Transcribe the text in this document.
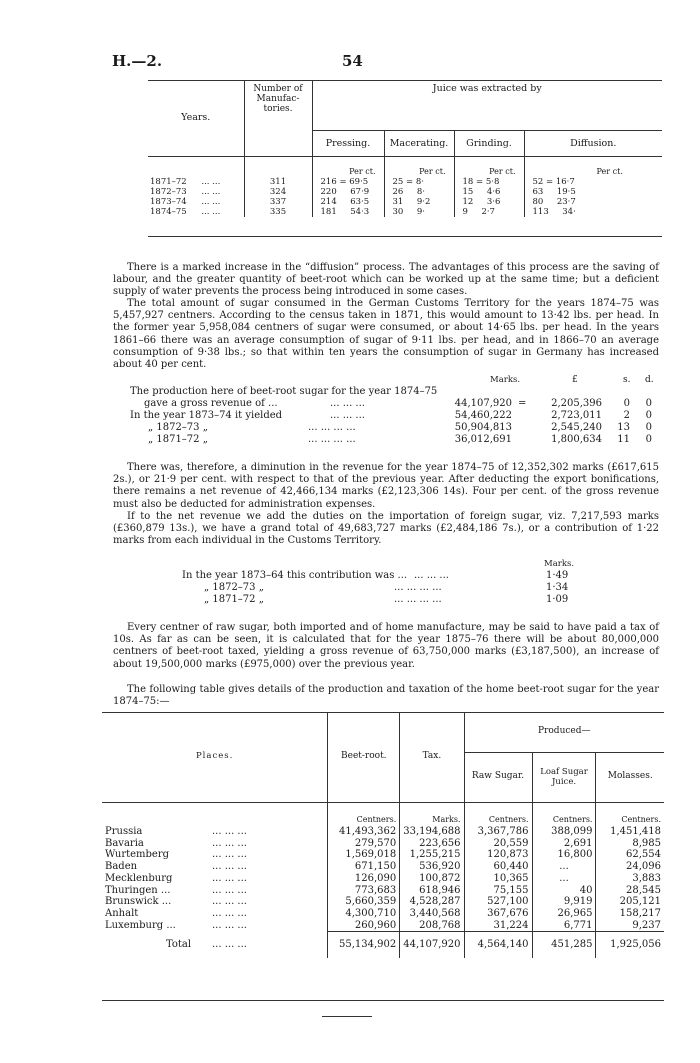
H.—2.	54
Years.	Number of Manufac- tories.	Juice was extracted by			
		Pressing.	Macerating.	Grinding.	Diffusion.
		Per ct.	Per ct.	Per ct.	Per ct.
1871–72 ... ...	311	216 = 69·5	25 = 8·	18 = 5·8	52 = 16·7
1872–73 ... ...	324	220 67·9	26 8·	15 4·6	63 19·5
1873–74 ... ...	337	214 63·5	31 9·2	12 3·6	80 23·7
1874–75 ... ...	335	181 54·3	30 9·	9 2·7	113 34·

There is a marked increase in the “diffusion” process. The advantages of this process are the saving of labour, and the greater quantity of beet-root which can be worked up at the same time; but a deficient supply of water prevents the process being introduced in some cases.

The total amount of sugar consumed in the German Customs Territory for the years 1874–75 was 5,457,927 centners. According to the census taken in 1871, this would amount to 13·42 lbs. per head. In the former year 5,958,084 centners of sugar were consumed, or about 14·65 lbs. per head. In the years 1861–66 there was an average consumption of sugar of 9·11 lbs. per head, and in 1866–70 an average consumption of 9·38 lbs.; so that within ten years the consumption of sugar in Germany has increased about 40 per cent.

Marks.	£	s. d.
The production here of beet-root sugar for the year 1874–75
gave a gross revenue of ...	... ... ...	44,107,920 =	2,205,396	0	0
In the year 1873–74 it yielded	... ... ...	54,460,222	2,723,011	2	0
„ 1872–73 „	... ... ... ...	50,904,813	2,545,240	13	0
„ 1871–72 „	... ... ... ...	36,012,691	1,800,634	11	0

There was, therefore, a diminution in the revenue for the year 1874–75 of 12,352,302 marks (£617,615 2s.), or 21·9 per cent. with respect to that of the previous year. After deducting the export bonifications, there remains a net revenue of 42,466,134 marks (£2,123,306 14s). Four per cent. of the gross revenue must also be deducted for administration expenses.

If to the net revenue we add the duties on the importation of foreign sugar, viz. 7,217,593 marks (£360,879 13s.), we have a grand total of 49,683,727 marks (£2,484,186 7s.), or a contribution of 1·22 marks from each individual in the Customs Territory.

Marks.
In the year 1873–64 this contribution was ... ... ... ...	1·49
„ 1872–73 „	... ... ... ...	1·34
„ 1871–72 „	... ... ... ...	1·09

Every centner of raw sugar, both imported and of home manufacture, may be said to have paid a tax of 10s. As far as can be seen, it is calculated that for the year 1875–76 there will be about 80,000,000 centners of beet-root taxed, yielding a gross revenue of 63,750,000 marks (£3,187,500), an increase of about 19,500,000 marks (£975,000) over the previous year.

The following table gives details of the production and taxation of the home beet-root sugar for the year 1874–75:—

Places.	Beet-root.	Tax.	Produced—		
			Raw Sugar.	Loaf Sugar Juice.	Molasses.
	Centners.	Marks.	Centners.	Centners.	Centners.
Prussia ... ... ...	41,493,362	33,194,688	3,367,786	388,099	1,451,418
Bavaria ... ... ...	279,570	223,656	20,559	2,691	8,985
Wurtemberg ... ... ...	1,569,018	1,255,215	120,873	16,800	62,554
Baden ... ... ...	671,150	536,920	60,440	...	24,096
Mecklenburg ... ... ...	126,090	100,872	10,365	...	3,883
Thuringen ... ... ... ...	773,683	618,946	75,155	40	28,545
Brunswick ... ... ... ...	5,660,359	4,528,287	527,100	9,919	205,121
Anhalt ... ... ...	4,300,710	3,440,568	367,676	26,965	158,217
Luxemburg ... ... ... ...	260,960	208,768	31,224	6,771	9,237

Total ... ... ...	55,134,902	44,107,920	4,564,140	451,285	1,925,056
